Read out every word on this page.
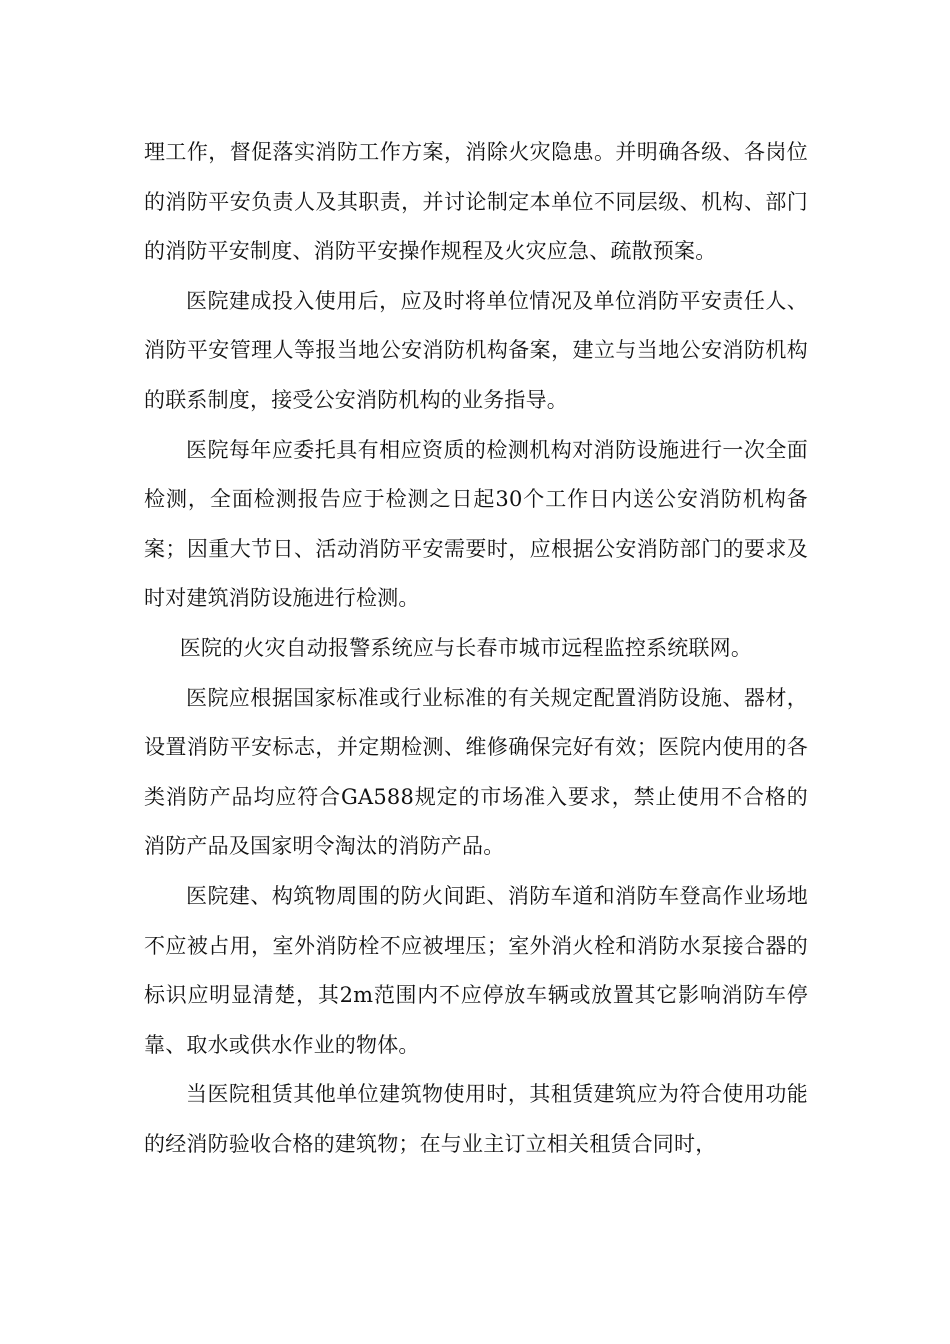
理工作，督促落实消防工作方案，消除火灾隐患。并明确各级、各岗位的消防平安负责人及其职责，并讨论制定本单位不同层级、机构、部门的消防平安制度、消防平安操作规程及火灾应急、疏散预案。

医院建成投入使用后，应及时将单位情况及单位消防平安责任人、消防平安管理人等报当地公安消防机构备案，建立与当地公安消防机构的联系制度，接受公安消防机构的业务指导。

医院每年应委托具有相应资质的检测机构对消防设施进行一次全面检测，全面检测报告应于检测之日起30个工作日内送公安消防机构备案；因重大节日、活动消防平安需要时，应根据公安消防部门的要求及时对建筑消防设施进行检测。

医院的火灾自动报警系统应与长春市城市远程监控系统联网。

医院应根据国家标准或行业标准的有关规定配置消防设施、器材，设置消防平安标志，并定期检测、维修确保完好有效；医院内使用的各类消防产品均应符合GA588规定的市场准入要求，禁止使用不合格的消防产品及国家明令淘汰的消防产品。

医院建、构筑物周围的防火间距、消防车道和消防车登高作业场地不应被占用，室外消防栓不应被埋压；室外消火栓和消防水泵接合器的标识应明显清楚，其2m范围内不应停放车辆或放置其它影响消防车停靠、取水或供水作业的物体。

当医院租赁其他单位建筑物使用时，其租赁建筑应为符合使用功能的经消防验收合格的建筑物；在与业主订立相关租赁合同时，
